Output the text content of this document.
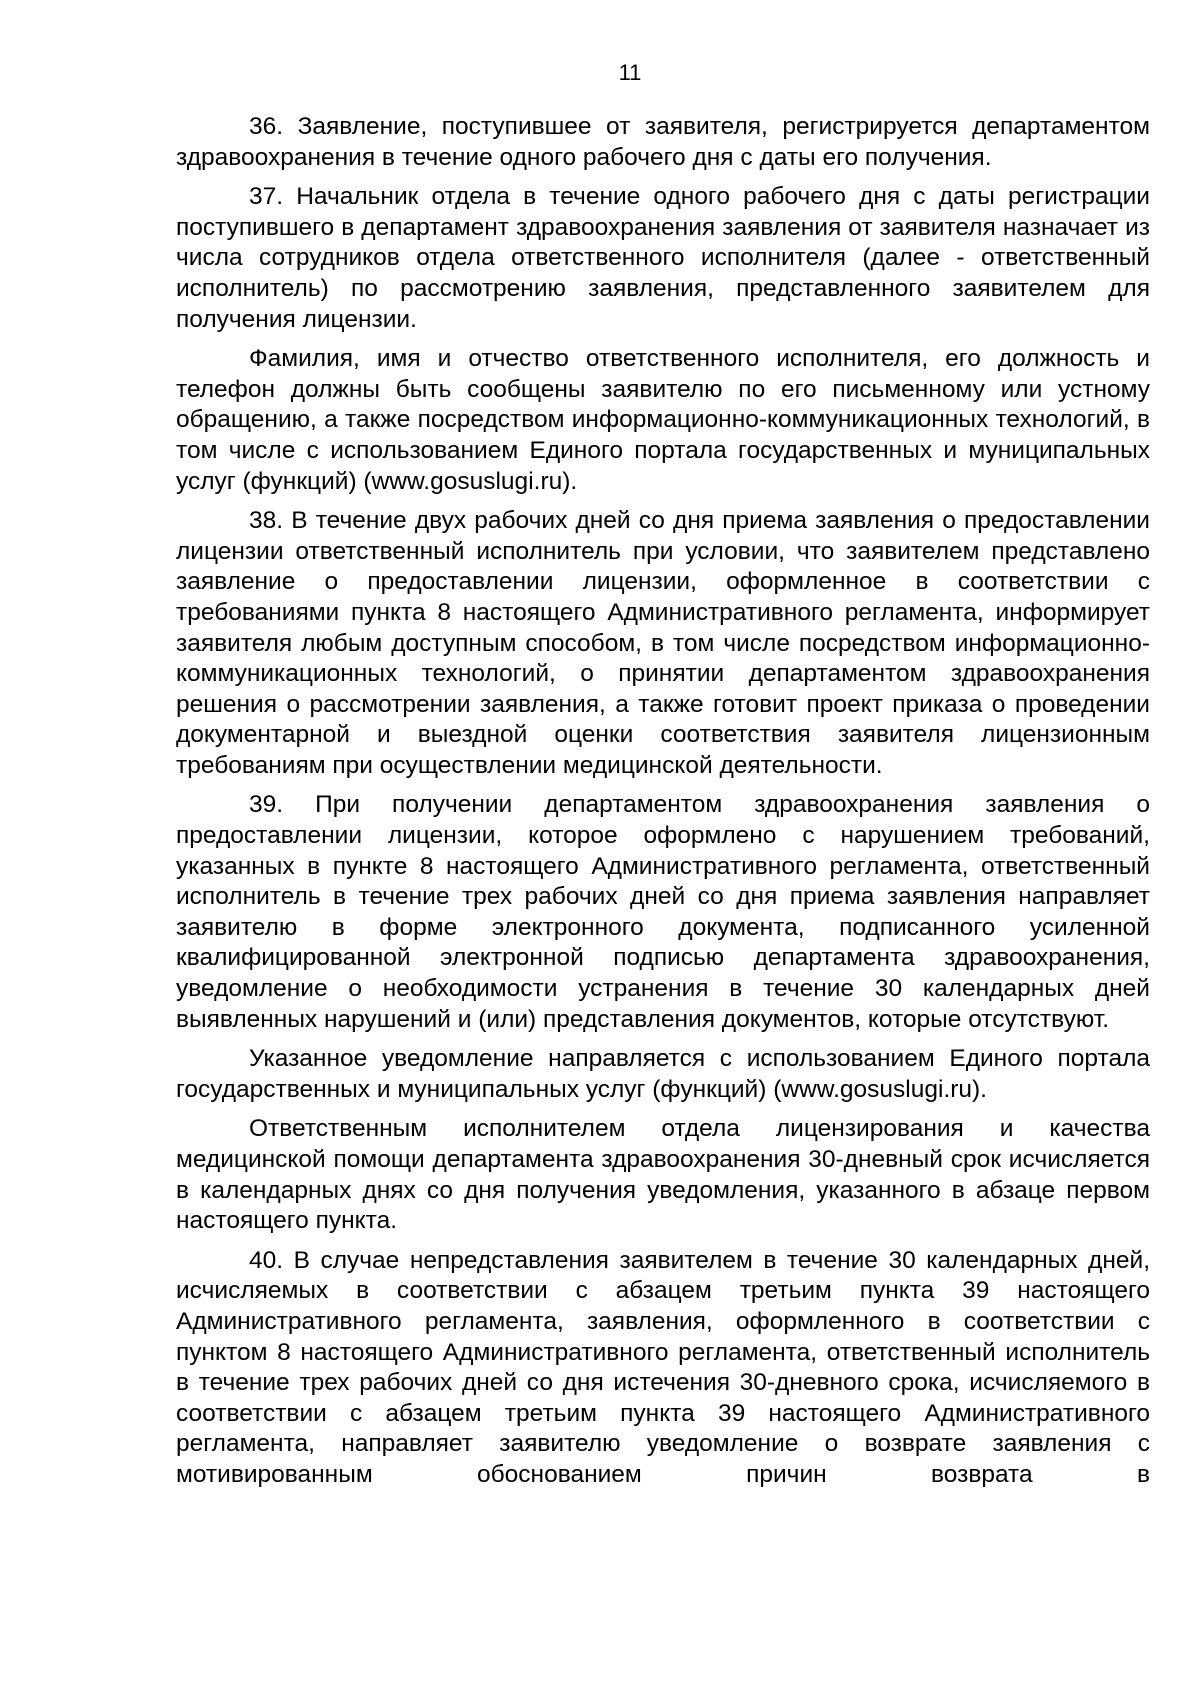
11

36. Заявление, поступившее от заявителя, регистрируется департаментом здравоохранения в течение одного рабочего дня с даты его получения.

37. Начальник отдела в течение одного рабочего дня с даты регистрации поступившего в департамент здравоохранения заявления от заявителя назначает из числа сотрудников отдела ответственного исполнителя (далее - ответственный исполнитель) по рассмотрению заявления, представленного заявителем для получения лицензии.

Фамилия, имя и отчество ответственного исполнителя, его должность и телефон должны быть сообщены заявителю по его письменному или устному обращению, а также посредством информационно-коммуникационных технологий, в том числе с использованием Единого портала государственных и муниципальных услуг (функций) (www.gosuslugi.ru).

38. В течение двух рабочих дней со дня приема заявления о предоставлении лицензии ответственный исполнитель при условии, что заявителем представлено заявление о предоставлении лицензии, оформленное в соответствии с требованиями пункта 8 настоящего Административного регламента, информирует заявителя любым доступным способом, в том числе посредством информационно-коммуникационных технологий, о принятии департаментом здравоохранения решения о рассмотрении заявления, а также готовит проект приказа о проведении документарной и выездной оценки соответствия заявителя лицензионным требованиям при осуществлении медицинской деятельности.

39. При получении департаментом здравоохранения заявления о предоставлении лицензии, которое оформлено с нарушением требований, указанных в пункте 8 настоящего Административного регламента, ответственный исполнитель в течение трех рабочих дней со дня приема заявления направляет заявителю в форме электронного документа, подписанного усиленной квалифицированной электронной подписью департамента здравоохранения, уведомление о необходимости устранения в течение 30 календарных дней выявленных нарушений и (или) представления документов, которые отсутствуют.

Указанное уведомление направляется с использованием Единого портала государственных и муниципальных услуг (функций) (www.gosuslugi.ru).

Ответственным исполнителем отдела лицензирования и качества медицинской помощи департамента здравоохранения 30-дневный срок исчисляется в календарных днях со дня получения уведомления, указанного в абзаце первом настоящего пункта.

40. В случае непредставления заявителем в течение 30 календарных дней, исчисляемых в соответствии с абзацем третьим пункта 39 настоящего Административного регламента, заявления, оформленного в соответствии с пунктом 8 настоящего Административного регламента, ответственный исполнитель в течение трех рабочих дней со дня истечения 30-дневного срока, исчисляемого в соответствии с абзацем третьим пункта 39 настоящего Административного регламента, направляет заявителю уведомление о возврате заявления с мотивированным обоснованием причин возврата в
